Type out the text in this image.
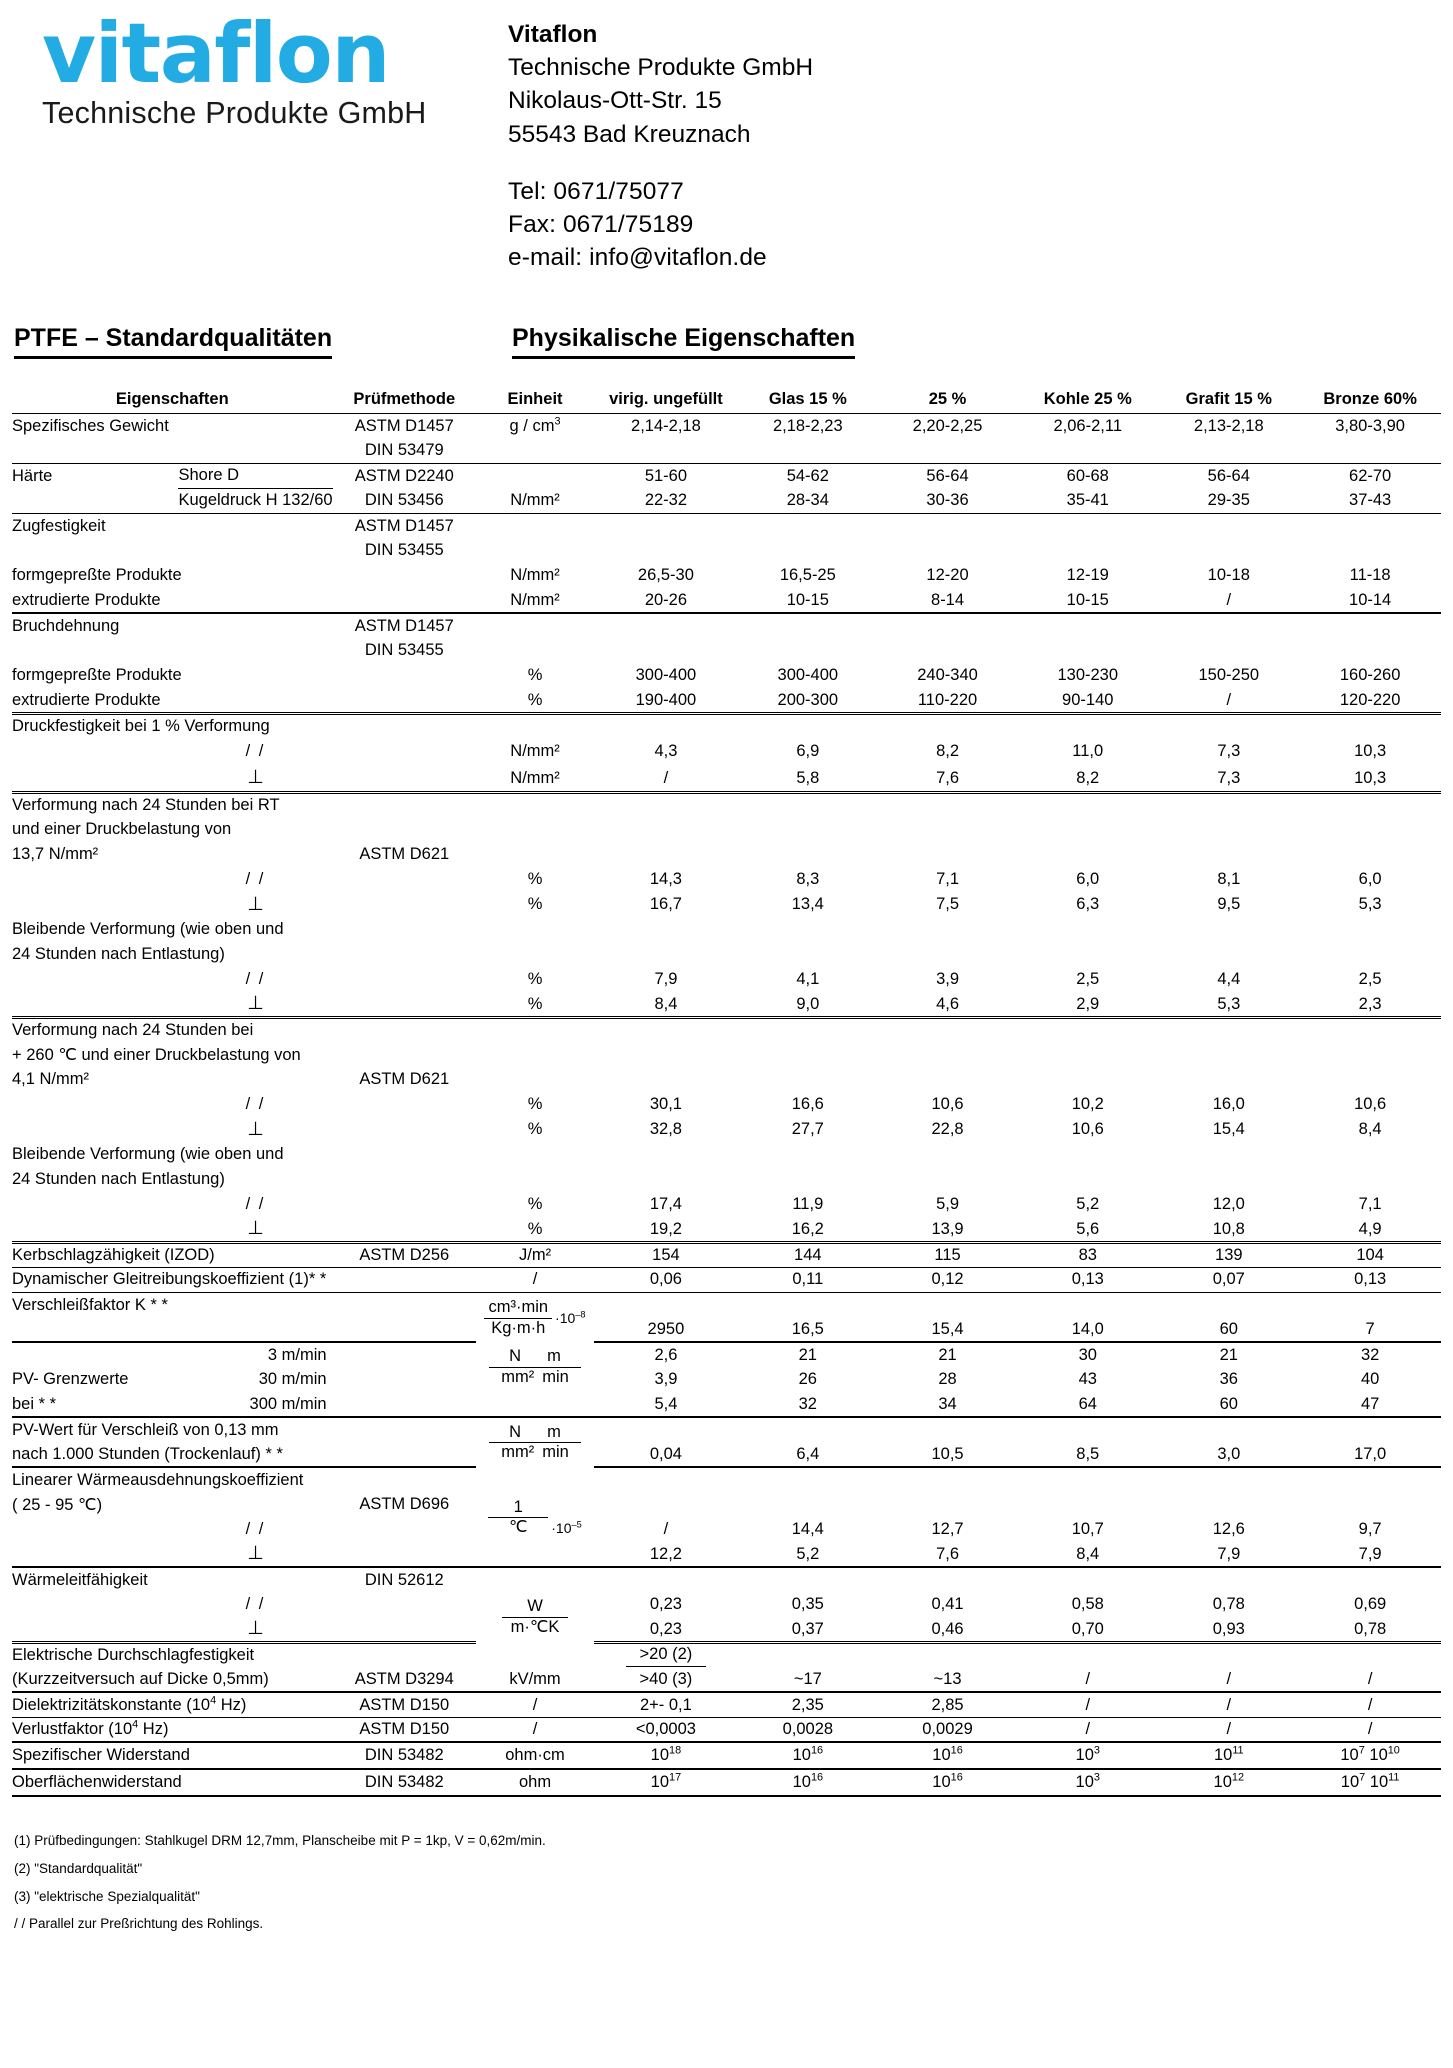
vitaflon
Technische Produkte GmbH
Vitaflon
Technische Produkte GmbH
Nikolaus-Ott-Str. 15
55543 Bad Kreuznach
Tel: 0671/75077
Fax: 0671/75189
e-mail: info@vitaflon.de
PTFE – Standardqualitäten	Physikalische Eigenschaften
Eigenschaften		Prüfmethode	Einheit	virig. ungefüllt	Glas 15 %	25 %	Kohle 25 %	Grafit 15 %	Bronze 60%
Spezifisches Gewicht		ASTM D1457	g / $cm^3$	2,14-2,18	2,18-2,23	2,20-2,25	2,06-2,11	2,13-2,18	3,80-3,90
		DIN 53479							
Härte	Shore D	ASTM D2240		51-60	54-62	56-64	60-68	56-64	62-70
	Kugeldruck H 132/60	DIN 53456	N/mm²	22-32	28-34	30-36	35-41	29-35	37-43
Zugfestigkeit		ASTM D1457							
		DIN 53455							
formgepreßte Produkte			N/mm²	26,5-30	16,5-25	12-20	12-19	10-18	11-18
extrudierte Produkte			N/mm²	20-26	10-15	8-14	10-15	/	10-14
Bruchdehnung		ASTM D1457							
		DIN 53455							
formgepreßte Produkte			%	300-400	300-400	240-340	130-230	150-250	160-260
extrudierte Produkte			%	190-400	200-300	110-220	90-140	/	120-220
Druckfestigkeit bei 1 % Verformung									
	/ /		N/mm²	4,3	6,9	8,2	11,0	7,3	10,3
	⊥		N/mm²	/	5,8	7,6	8,2	7,3	10,3
Verformung nach 24 Stunden bei RT									
und einer Druckbelastung von									
13,7 N/mm²		ASTM D621							
	/ /		%	14,3	8,3	7,1	6,0	8,1	6,0
	⊥		%	16,7	13,4	7,5	6,3	9,5	5,3
Bleibende Verformung (wie oben und									
24 Stunden nach Entlastung)									
	/ /		%	7,9	4,1	3,9	2,5	4,4	2,5
	⊥		%	8,4	9,0	4,6	2,9	5,3	2,3
Verformung nach 24 Stunden bei									
+ 260 ℃ und einer Druckbelastung von									
4,1 N/mm²		ASTM D621							
	/ /		%	30,1	16,6	10,6	10,2	16,0	10,6
	⊥		%	32,8	27,7	22,8	10,6	15,4	8,4
Bleibende Verformung (wie oben und									
24 Stunden nach Entlastung)									
	/ /		%	17,4	11,9	5,9	5,2	12,0	7,1
	⊥		%	19,2	16,2	13,9	5,6	10,8	4,9
Kerbschlagzähigkeit (IZOD)		ASTM D256	J/m²	154	144	115	83	139	104
Dynamischer Gleitreibungskoeffizient (1)* *			/	0,06	0,11	0,12	0,13	0,07	0,13
Verschleißfaktor K * *			$\frac{\text{cm³·min}}{Kg\cdot m\cdot h} \cdot 10^{-8}$

				2950	16,5	15,4	14,0	60	7
	3 m/min		$\frac{\text{N m}}{\text{mm² min}}$	2,6	21	21	30	21	32
PV- Grenzwerte	30 m/min			3,9	26	28	43	36	40
bei * *	300 m/min			5,4	32	34	64	60	47
PV-Wert für Verschleiß von 0,13 mm			$\frac{\text{N m}}{\text{mm² min}}$

nach 1.000 Stunden (Trockenlauf) * *				0,04	6,4	10,5	8,5	3,0	17,0
Linearer Wärmeausdehnungskoeffizient									
( 25 - 95 ℃)		ASTM D696	$\frac{1}{℃} \cdot 10^{-5}$

	/ /			/	14,4	12,7	10,7	12,6	9,7
	⊥			12,2	5,2	7,6	8,4	7,9	7,9
Wärmeleitfähigkeit		DIN 52612							
	/ /		$\frac{W}{m\cdot℃K}$	0,23	0,35	0,41	0,58	0,78	0,69
	⊥			0,23	0,37	0,46	0,70	0,93	0,78
Elektrische Durchschlagfestigkeit				>20 (2)					
(Kurzzeitversuch auf Dicke 0,5mm)		ASTM D3294	kV/mm	>40 (3)	~17	~13	/	/	/
Dielektrizitätskonstante ($10^4$ Hz)		ASTM D150	/	2+- 0,1	2,35	2,85	/	/	/
Verlustfaktor ($10^4$ Hz)		ASTM D150	/	<0,0003	0,0028	0,0029	/	/	/
Spezifischer Widerstand		DIN 53482	ohm·cm	$10^{18}$	$10^{16}$	$10^{16}$	$10^3$	$10^{11}$	$10^7$ $10^{10}$
Oberflächenwiderstand		DIN 53482	ohm	$10^{17}$	$10^{16}$	$10^{16}$	$10^3$	$10^{12}$	$10^7$ $10^{11}$
(1) Prüfbedingungen: Stahlkugel DRM 12,7mm, Planscheibe mit P = 1kp, V = 0,62m/min.
(2) "Standardqualität"
(3) "elektrische Spezialqualität"
/ / Parallel zur Preßrichtung des Rohlings.
